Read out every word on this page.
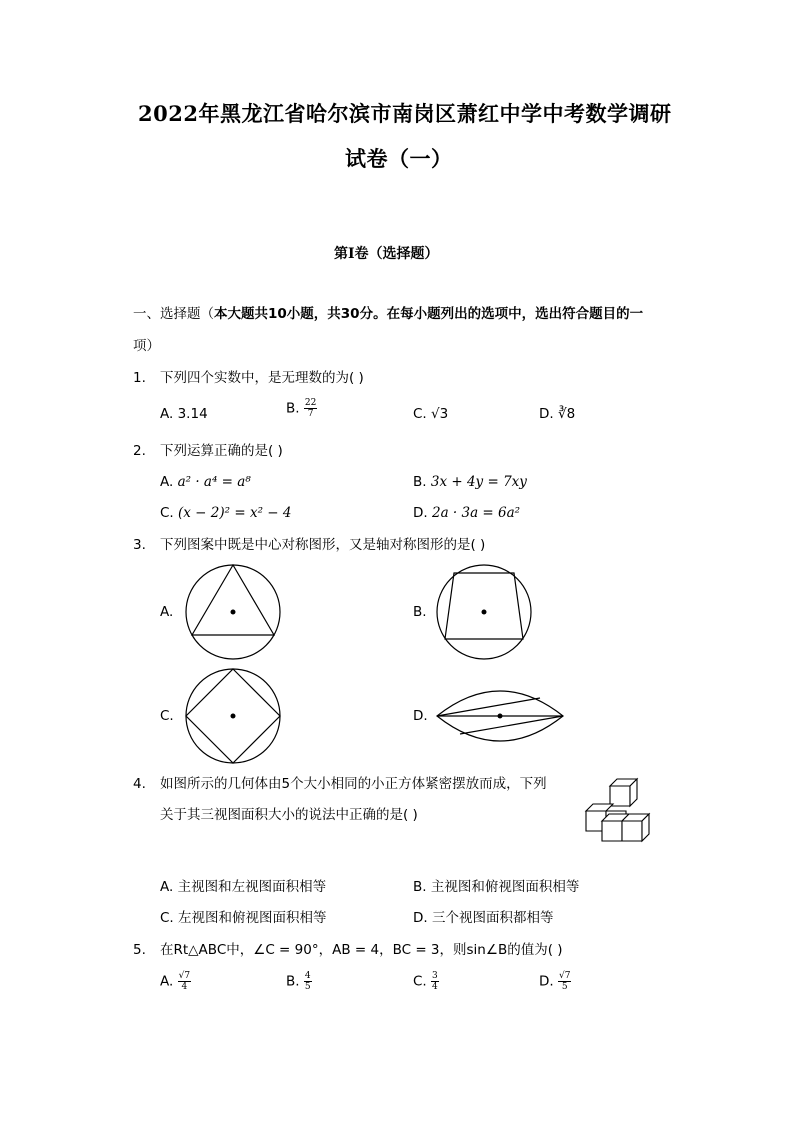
2022年黑龙江省哈尔滨市南岗区萧红中学中考数学调研
试卷（一）
第I卷（选择题）
一、选择题（本大题共10小题，共30分。在每小题列出的选项中，选出符合题目的一
项）
1. 下列四个实数中，是无理数的为( )
A. 3.14	B. $\frac{22}{7}$	C. √3	D. ∛8
2. 下列运算正确的是( )
A. a² · a⁴ = a⁸	B. 3x + 4y = 7xy
C. (x − 2)² = x² − 4	D. 2a · 3a = 6a²
3. 下列图案中既是中心对称图形，又是轴对称图形的是( )
A.	B.
C.	D.
4. 如图所示的几何体由5个大小相同的小正方体紧密摆放而成，下列
关于其三视图面积大小的说法中正确的是( )
A. 主视图和左视图面积相等	B. 主视图和俯视图面积相等
C. 左视图和俯视图面积相等	D. 三个视图面积都相等
5. 在Rt△ABC中，∠C = 90°，AB = 4，BC = 3，则sin∠B的值为( )
A. $\frac{√7}{4}$	B. $\frac{4}{5}$	C. $\frac{3}{4}$	D. $\frac{√7}{5}$
